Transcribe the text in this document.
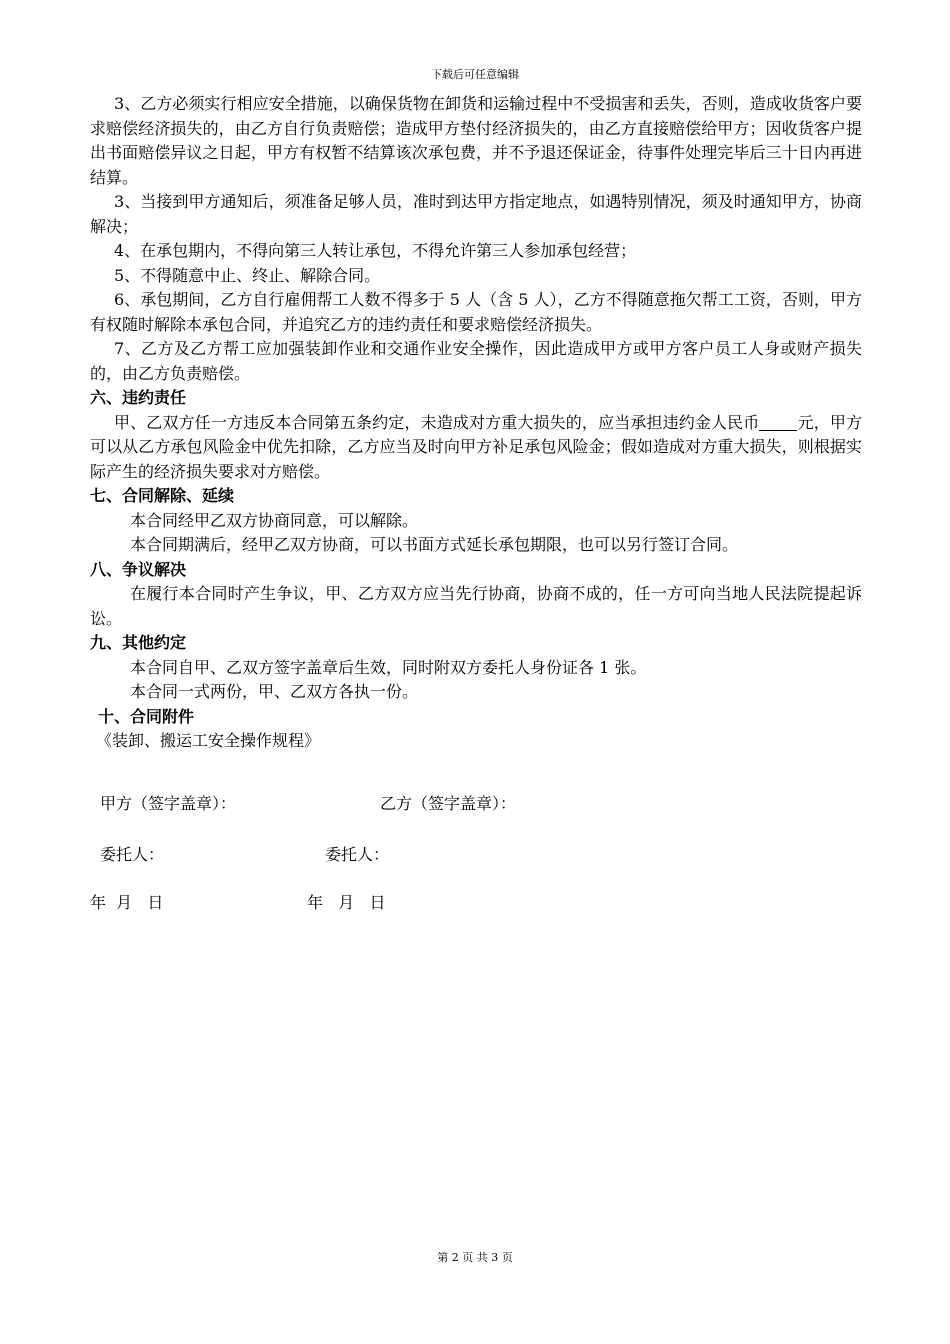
下载后可任意编辑

3、乙方必须实行相应安全措施，以确保货物在卸货和运输过程中不受损害和丢失，否则，造成收货客户要求赔偿经济损失的，由乙方自行负责赔偿；造成甲方垫付经济损失的，由乙方直接赔偿给甲方；因收货客户提出书面赔偿异议之日起，甲方有权暂不结算该次承包费，并不予退还保证金，待事件处理完毕后三十日内再进结算。

3、当接到甲方通知后，须准备足够人员，准时到达甲方指定地点，如遇特别情况，须及时通知甲方，协商解决；

4、在承包期内，不得向第三人转让承包，不得允许第三人参加承包经营；

5、不得随意中止、终止、解除合同。

6、承包期间，乙方自行雇佣帮工人数不得多于 5 人（含 5 人），乙方不得随意拖欠帮工工资，否则，甲方有权随时解除本承包合同，并追究乙方的违约责任和要求赔偿经济损失。

7、乙方及乙方帮工应加强装卸作业和交通作业安全操作，因此造成甲方或甲方客户员工人身或财产损失的，由乙方负责赔偿。

六、违约责任

甲、乙双方任一方违反本合同第五条约定，未造成对方重大损失的，应当承担违约金人民币 元，甲方可以从乙方承包风险金中优先扣除，乙方应当及时向甲方补足承包风险金；假如造成对方重大损失，则根据实际产生的经济损失要求对方赔偿。

七、合同解除、延续

本合同经甲乙双方协商同意，可以解除。

本合同期满后，经甲乙双方协商，可以书面方式延长承包期限，也可以另行签订合同。

八、争议解决

在履行本合同时产生争议，甲、乙方双方应当先行协商，协商不成的，任一方可向当地人民法院提起诉讼。

九、其他约定

本合同自甲、乙双方签字盖章后生效，同时附双方委托人身份证各 1 张。

本合同一式两份，甲、乙双方各执一份。

十、合同附件

《装卸、搬运工安全操作规程》

甲方（签字盖章）：	乙方（签字盖章）：
委托人：	委托人：
年  月   日	年   月   日
第 2 页 共 3 页
